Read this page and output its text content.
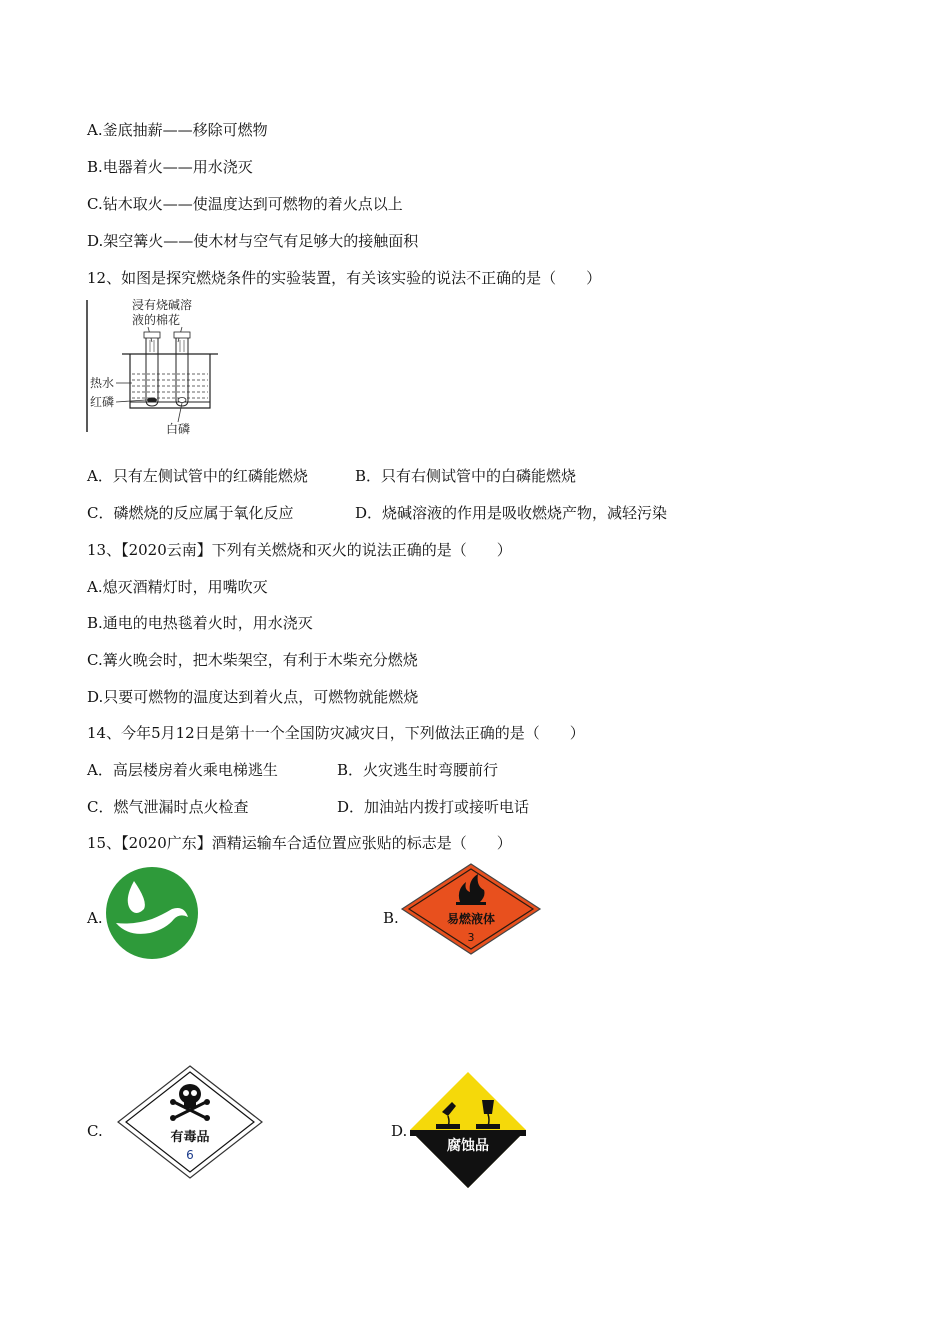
A.釜底抽薪——移除可燃物
B.电器着火——用水浇灭
C.钻木取火——使温度达到可燃物的着火点以上
D.架空篝火——使木材与空气有足够大的接触面积
12、如图是探究燃烧条件的实验装置，有关该实验的说法不正确的是（　　）
浸有烧碱溶
液的棉花
热水
红磷
白磷
A．只有左侧试管中的红磷能燃烧	B．只有右侧试管中的白磷能燃烧
C．磷燃烧的反应属于氧化反应	D．烧碱溶液的作用是吸收燃烧产物，减轻污染
13、【2020云南】下列有关燃烧和灭火的说法正确的是（　　）
A.熄灭酒精灯时，用嘴吹灭
B.通电的电热毯着火时，用水浇灭
C.篝火晚会时，把木柴架空，有利于木柴充分燃烧
D.只要可燃物的温度达到着火点，可燃物就能燃烧
14、今年5月12日是第十一个全国防灾减灾日，下列做法正确的是（　　）
A．高层楼房着火乘电梯逃生	B．火灾逃生时弯腰前行
C．燃气泄漏时点火检查	D．加油站内拨打或接听电话
15、【2020广东】酒精运输车合适位置应张贴的标志是（　　）
A.	B.	易燃液体
3
C.	有毒品
6
D.
腐蚀品
